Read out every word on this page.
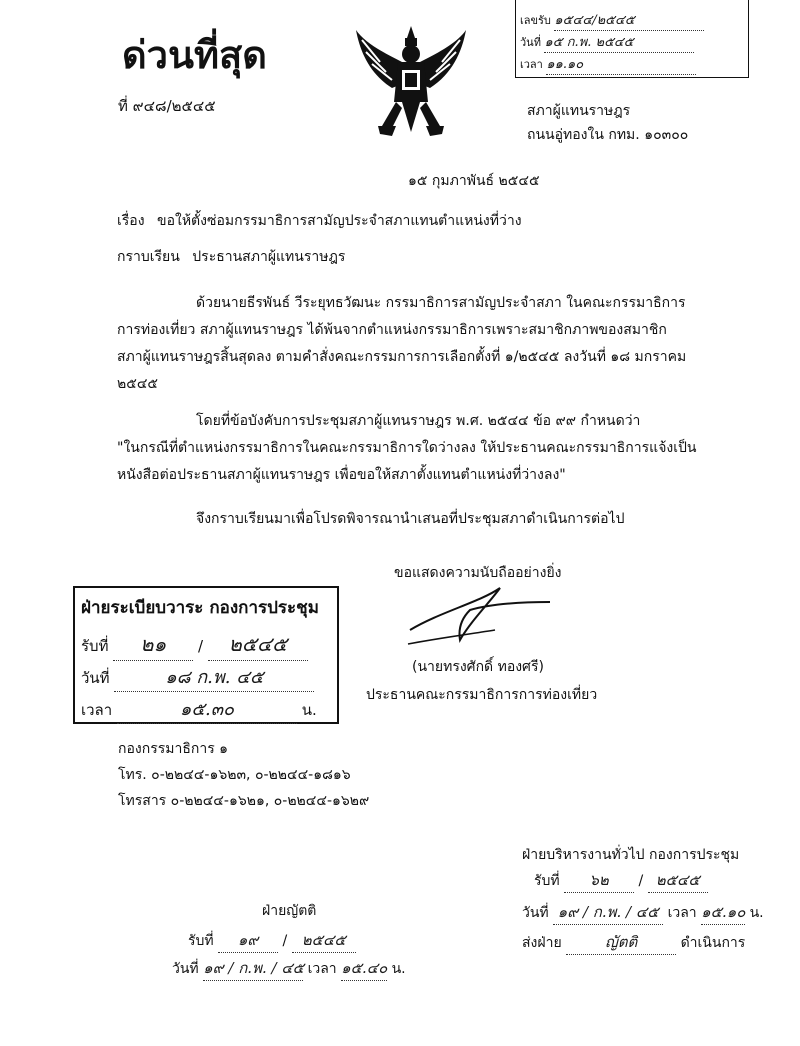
เลขรับ ๑๕๔๔/๒๕๔๕
วันที่ ๑๕ ก.พ. ๒๕๔๕
เวลา ๑๑.๑๐
ด่วนที่สุด
ที่ ๙๔๘/๒๕๔๕	สภาผู้แทนราษฎร
ถนนอู่ทองใน กทม. ๑๐๓๐๐
๑๕ กุมภาพันธ์ ๒๕๔๕
เรื่อง ขอให้ตั้งซ่อมกรรมาธิการสามัญประจำสภาแทนตำแหน่งที่ว่าง
กราบเรียน ประธานสภาผู้แทนราษฎร
ด้วยนายธีรพันธ์ วีระยุทธวัฒนะ กรรมาธิการสามัญประจำสภา ในคณะกรรมาธิการ
การท่องเที่ยว สภาผู้แทนราษฎร ได้พ้นจากตำแหน่งกรรมาธิการเพราะสมาชิกภาพของสมาชิก
สภาผู้แทนราษฎรสิ้นสุดลง ตามคำสั่งคณะกรรมการการเลือกตั้งที่ ๑/๒๕๔๕ ลงวันที่ ๑๘ มกราคม
๒๕๔๕
โดยที่ข้อบังคับการประชุมสภาผู้แทนราษฎร พ.ศ. ๒๕๔๔ ข้อ ๙๙ กำหนดว่า
"ในกรณีที่ตำแหน่งกรรมาธิการในคณะกรรมาธิการใดว่างลง ให้ประธานคณะกรรมาธิการแจ้งเป็น
หนังสือต่อประธานสภาผู้แทนราษฎร เพื่อขอให้สภาตั้งแทนตำแหน่งที่ว่างลง"
จึงกราบเรียนมาเพื่อโปรดพิจารณานำเสนอที่ประชุมสภาดำเนินการต่อไป
ขอแสดงความนับถืออย่างยิ่ง
(นายทรงศักดิ์ ทองศรี)
ประธานคณะกรรมาธิการการท่องเที่ยว
ฝ่ายระเบียบวาระ กองการประชุม
รับที่ ๒๑ / ๒๕๔๕
วันที่	๑๘ ก.พ. ๔๕
เวลา	๑๕.๓๐	น.
กองกรรมาธิการ ๑
โทร. ๐-๒๒๔๔-๑๖๒๓, ๐-๒๒๔๔-๑๘๑๖
โทรสาร ๐-๒๒๔๔-๑๖๒๑, ๐-๒๒๔๔-๑๖๒๙
ฝ่ายบริหารงานทั่วไป กองการประชุม
รับที่ ๖๒ / ๒๕๔๕
วันที่ ๑๙ / ก.พ. / ๔๕ เวลา ๑๕.๑๐ น.
ส่งฝ่าย	ญัตติ	ดำเนินการ
ฝ่ายญัตติ
รับที่ ๑๙ / ๒๕๔๕
วันที่ ๑๙ / ก.พ. / ๔๕ เวลา ๑๕.๔๐ น.
